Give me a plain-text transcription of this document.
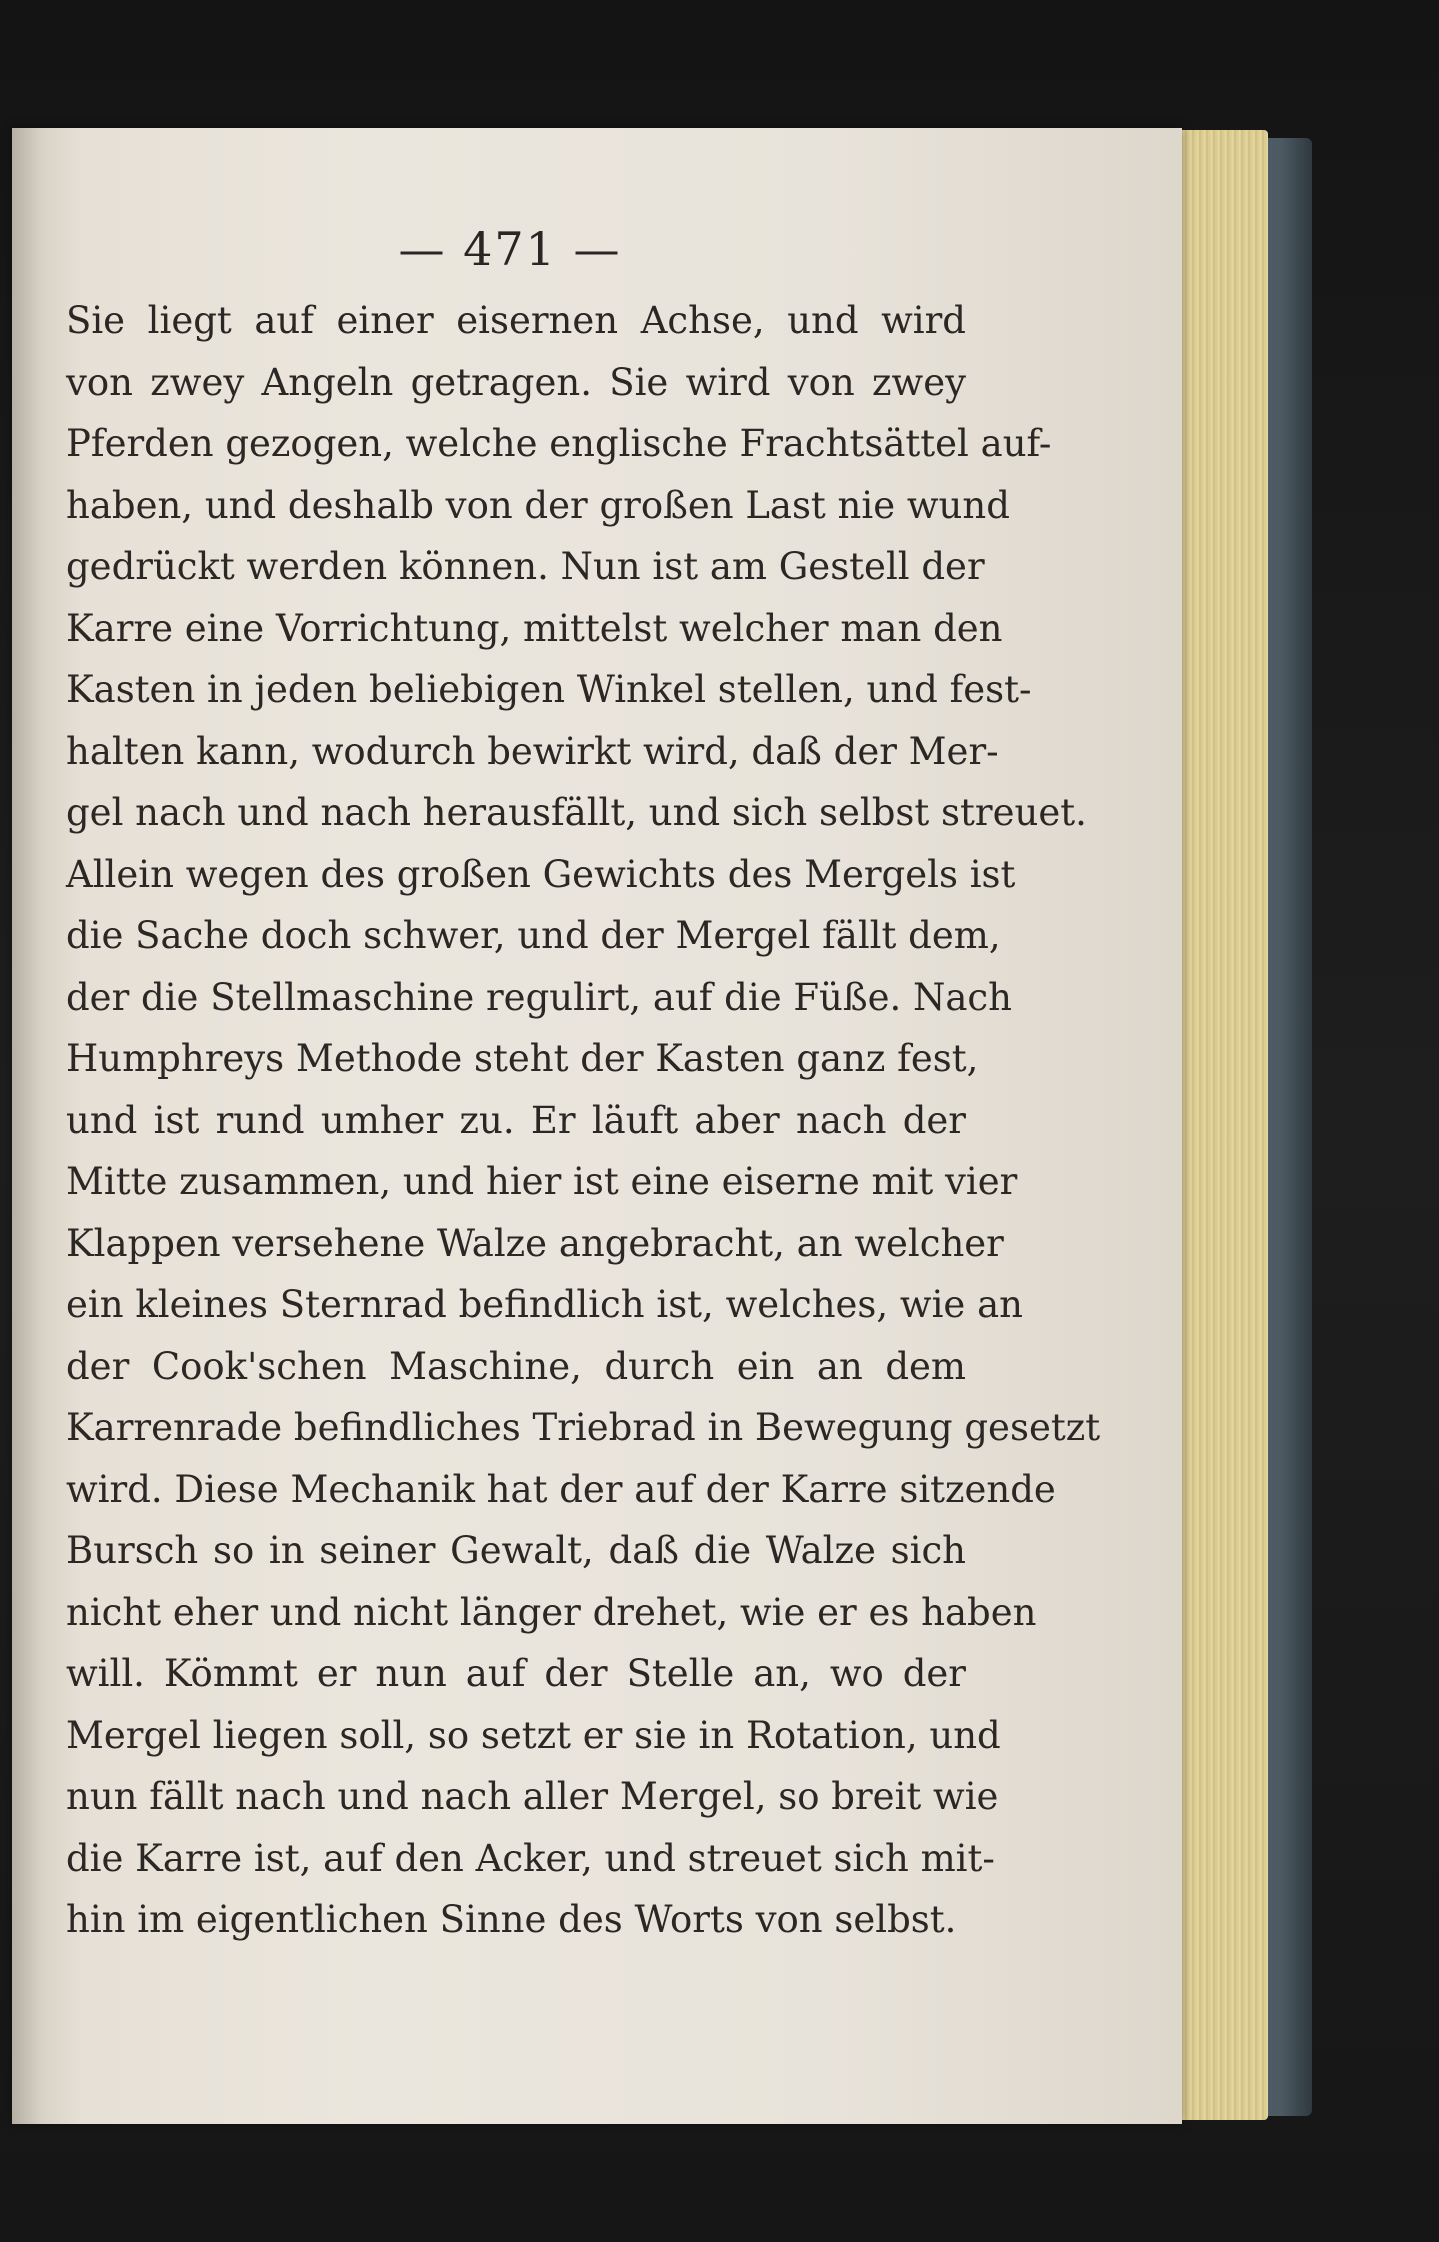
— 471 —
Sie liegt auf einer eisernen Achse, und wird
von zwey Angeln getragen. Sie wird von zwey
Pferden gezogen, welche englische Frachtsättel auf-
haben, und deshalb von der großen Last nie wund
gedrückt werden können. Nun ist am Gestell der
Karre eine Vorrichtung, mittelst welcher man den
Kasten in jeden beliebigen Winkel stellen, und fest-
halten kann, wodurch bewirkt wird, daß der Mer-
gel nach und nach herausfällt, und sich selbst streuet.
Allein wegen des großen Gewichts des Mergels ist
die Sache doch schwer, und der Mergel fällt dem,
der die Stellmaschine regulirt, auf die Füße. Nach
Humphreys Methode steht der Kasten ganz fest,
und ist rund umher zu. Er läuft aber nach der
Mitte zusammen, und hier ist eine eiserne mit vier
Klappen versehene Walze angebracht, an welcher
ein kleines Sternrad befindlich ist, welches, wie an
der Cook'schen Maschine, durch ein an dem
Karrenrade befindliches Triebrad in Bewegung gesetzt
wird. Diese Mechanik hat der auf der Karre sitzende
Bursch so in seiner Gewalt, daß die Walze sich
nicht eher und nicht länger drehet, wie er es haben
will. Kömmt er nun auf der Stelle an, wo der
Mergel liegen soll, so setzt er sie in Rotation, und
nun fällt nach und nach aller Mergel, so breit wie
die Karre ist, auf den Acker, und streuet sich mit-
hin im eigentlichen Sinne des Worts von selbst.
